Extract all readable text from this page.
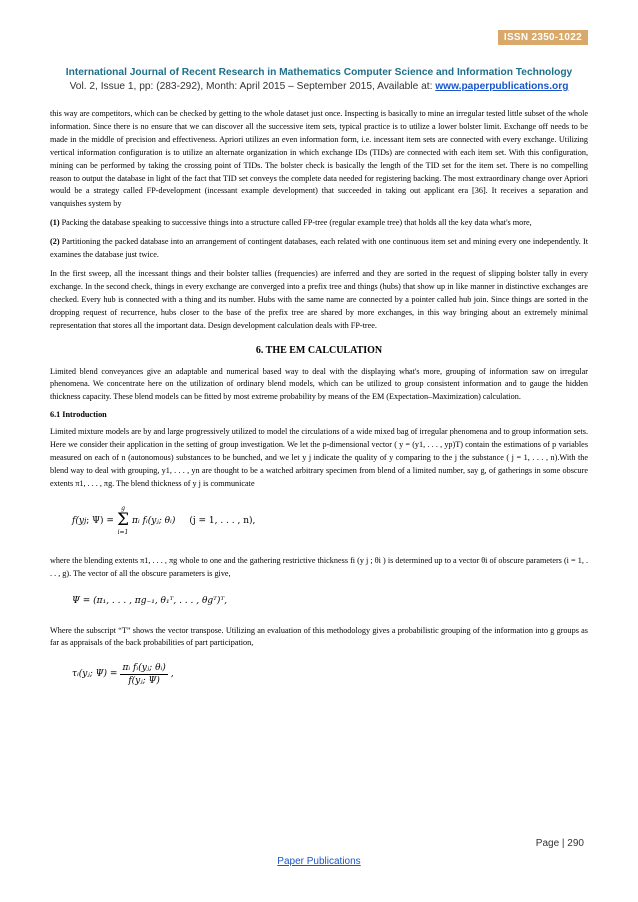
ISSN 2350-1022
International Journal of Recent Research in Mathematics Computer Science and Information Technology
Vol. 2, Issue 1, pp: (283-292), Month: April 2015 – September 2015, Available at: www.paperpublications.org

this way are competitors, which can be checked by getting to the whole dataset just once. Inspecting is basically to mine an irregular tested little subset of the whole information. Since there is no ensure that we can discover all the successive item sets, typical practice is to utilize a lower bolster limit. Exchange off needs to be made in the middle of precision and effectiveness. Apriori utilizes an even information form, i.e. incessant item sets are connected with every exchange. Utilizing vertical information configuration is to utilize an alternate organization in which exchange IDs (TIDs) are connected with each item set. With this configuration, mining can be performed by taking the crossing point of TIDs. The bolster check is basically the length of the TID set for the item set. There is no compelling reason to output the database in light of the fact that TID set conveys the complete data needed for registering backing. The most extraordinary change over Apriori would be a strategy called FP-development (incessant example development) that succeeded in taking out applicant era [36]. It receives a separation and vanquishes system by

(1) Packing the database speaking to successive things into a structure called FP-tree (regular example tree) that holds all the key data what's more,

(2) Partitioning the packed database into an arrangement of contingent databases, each related with one continuous item set and mining every one independently. It examines the database just twice.

In the first sweep, all the incessant things and their bolster tallies (frequencies) are inferred and they are sorted in the request of slipping bolster tally in every exchange. In the second check, things in every exchange are converged into a prefix tree and things (hubs) that show up in like manner in distinctive exchanges are checked. Every hub is connected with a thing and its number. Hubs with the same name are connected by a pointer called hub join. Since things are sorted in the dropping request of recurrence, hubs closer to the base of the prefix tree are shared by more exchanges, in this way bringing about an extremely minimal representation that stores all the important data. Design development calculation deals with FP-tree.

6. THE EM CALCULATION

Limited blend conveyances give an adaptable and numerical based way to deal with the displaying what's more, grouping of information saw on irregular phenomena. We concentrate here on the utilization of ordinary blend models, which can be utilized to group consistent information and to gauge the hidden thickness capacity. These blend models can be fitted by most extreme probability by means of the EM (Expectation–Maximization) calculation.

6.1 Introduction

Limited mixture models are by and large progressively utilized to model the circulations of a wide mixed bag of irregular phenomena and to group information sets. Here we consider their application in the setting of group investigation. We let the p-dimensional vector ( y = (y1, . . . , yp)T) contain the estimations of p variables measured on each of n (autonomous) substances to be bunched, and we let y j indicate the quality of y comparing to the j the substance ( j = 1, . . . , n).With the blend way to deal with grouping, y1, . . . , yn are thought to be a watched arbitrary specimen from blend of a limited number, say g, of gatherings in some obscure extents π1, . . . , πg. The blend thickness of y j is communicate

f(y j ; Ψ) =
g
Σ
i=1
πᵢ fᵢ(yⱼ; θᵢ) (j = 1, . . . , n),

where the blending extents π1, . . . , πg whole to one and the gathering restrictive thickness fi (y j ; θi ) is determined up to a vector θi of obscure parameters (i = 1, . . . , g). The vector of all the obscure parameters is give,

Ψ = (π₁, . . . , πg₋₁, θ₁ᵀ, . . . , θgᵀ)ᵀ,

Where the subscript “T” shows the vector transpose. Utilizing an evaluation of this methodology gives a probabilistic grouping of the information into g groups as far as appraisals of the back probabilities of part participation,

τᵢ(yⱼ; $\Psi) = \frac{\text{πᵢ fᵢ(yⱼ; θᵢ)}}{\text{f(yⱼ; Ψ)}}$ ,
Page | 290
Paper Publications
